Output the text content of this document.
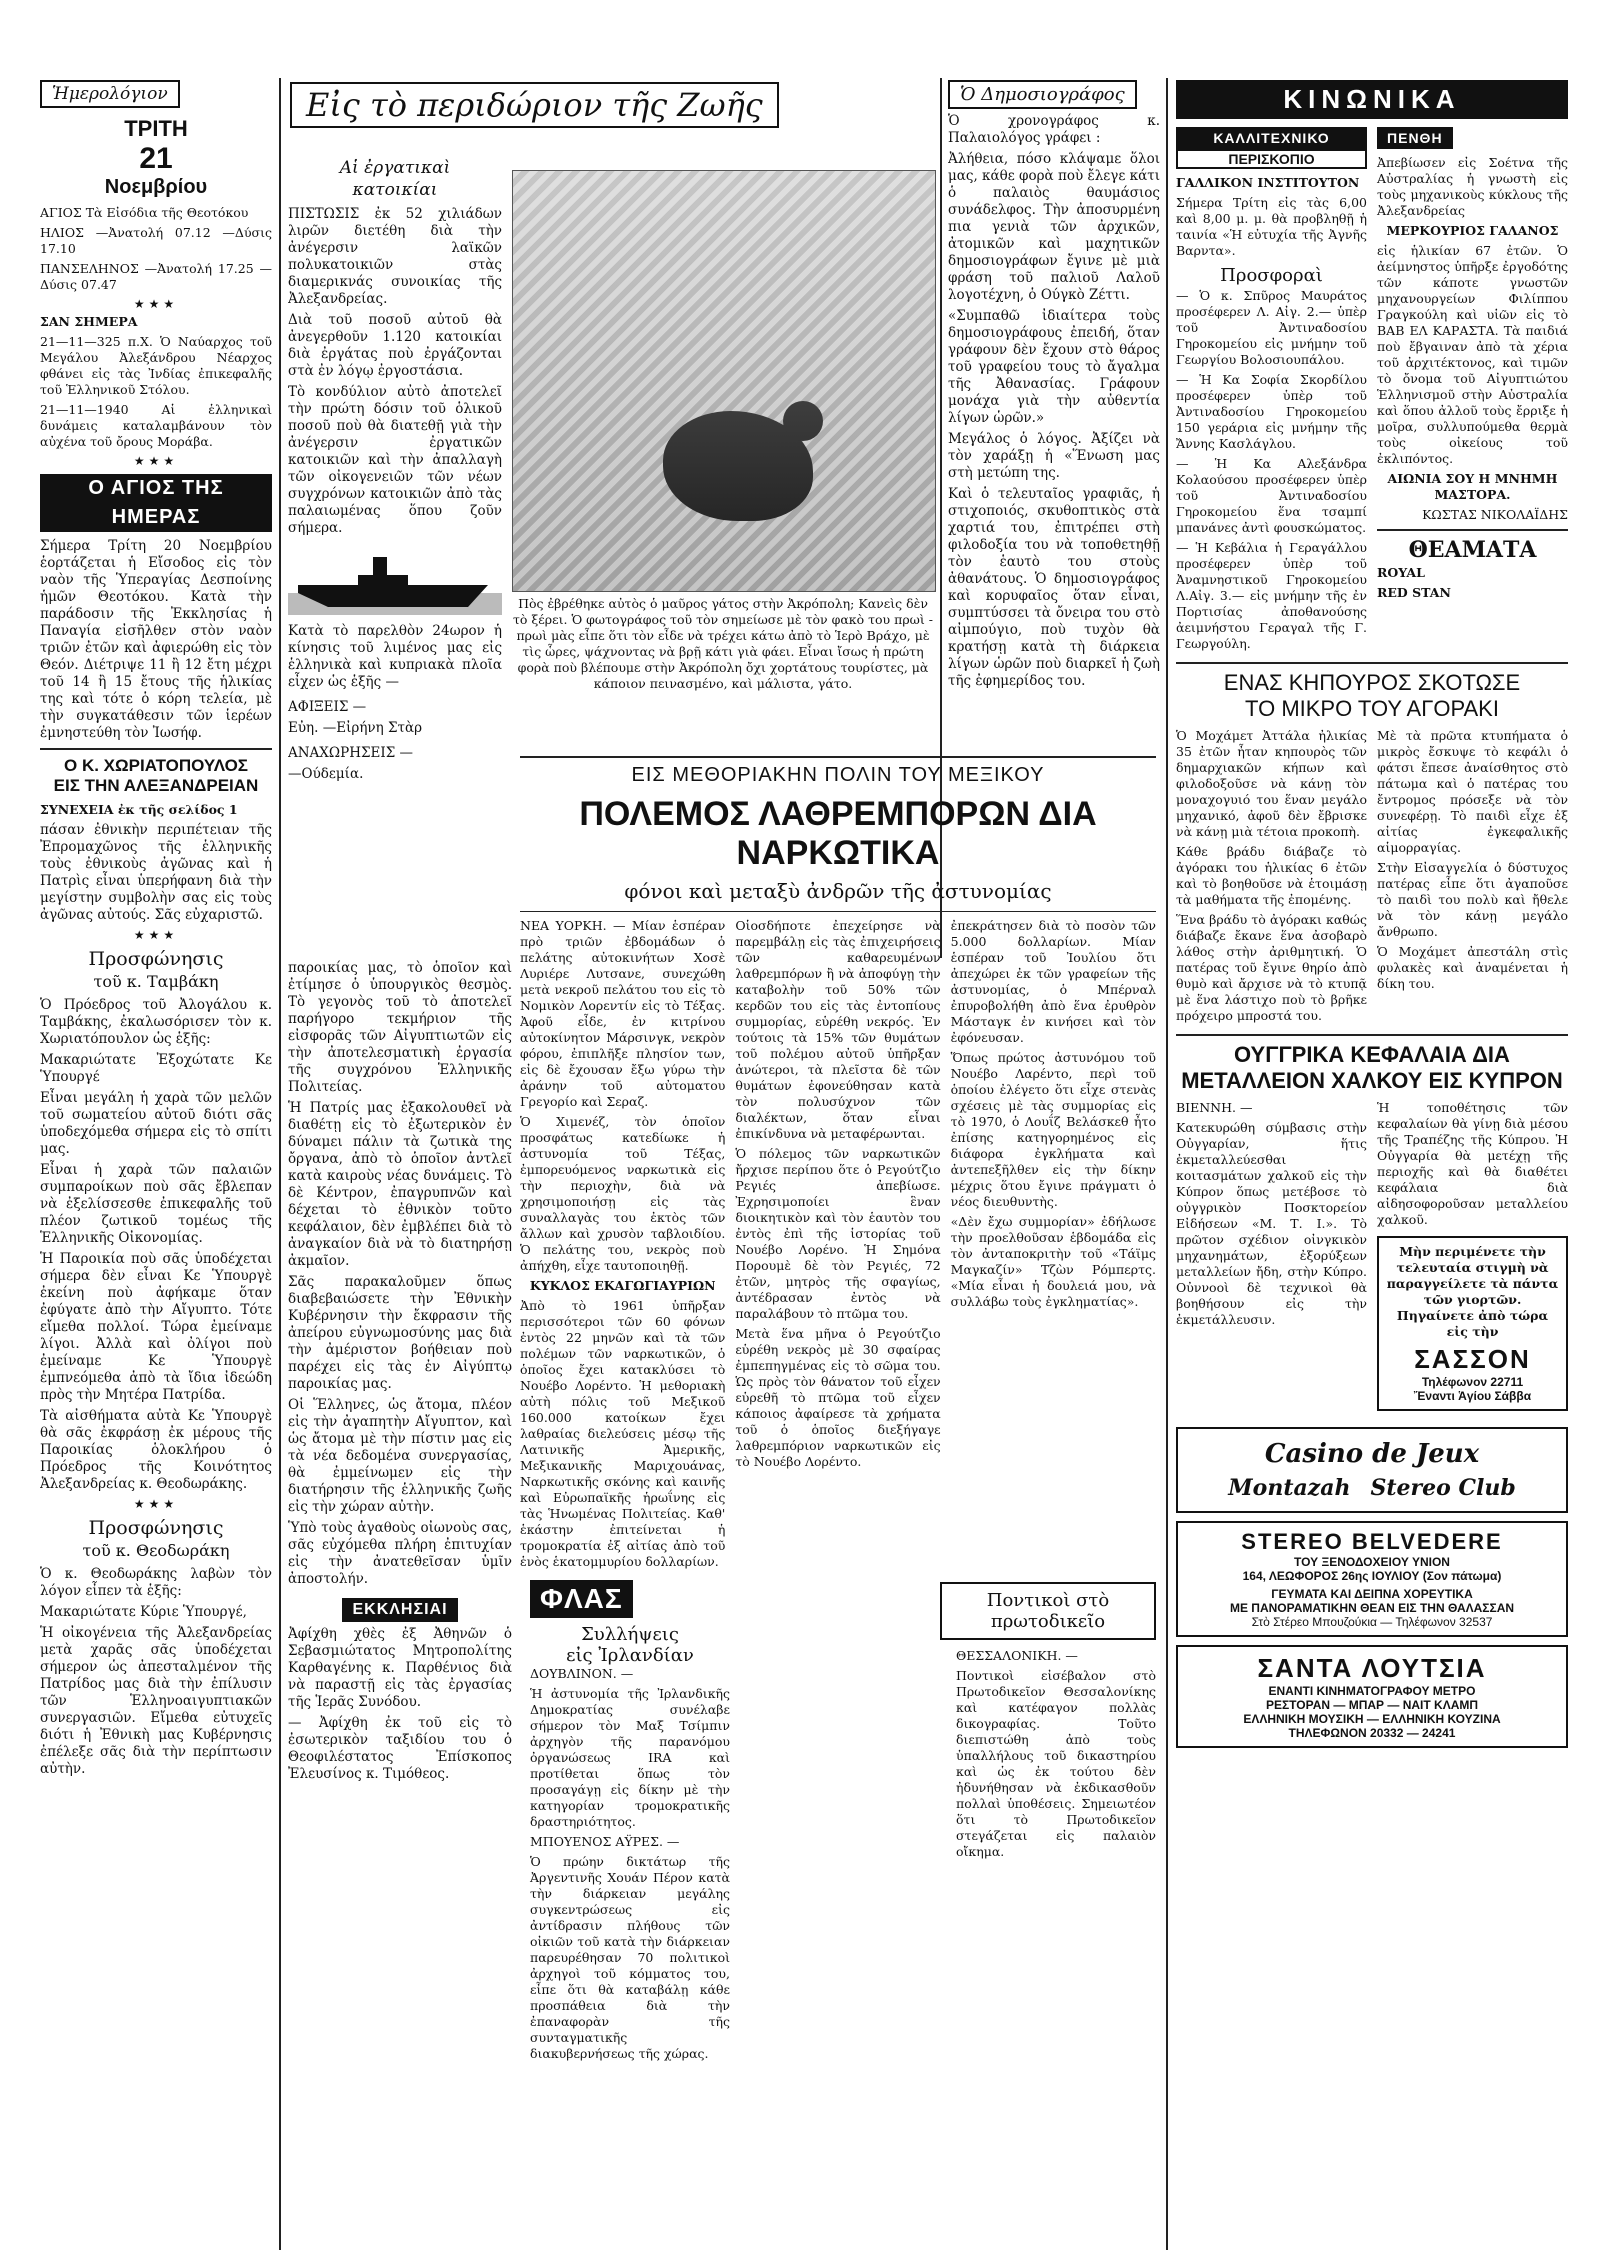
Ἡμερολόγιον
ΤΡΙΤΗ
21
Νοεμβρίου

ΑΓΙΟΣ Τὰ Εἰσόδια τῆς Θεοτόκου

ΗΛΙΟΣ —Ἀνατολή 07.12 —Δύσις 17.10

ΠΑΝΣΕΛΗΝΟΣ —Ἀνατολή 17.25 —Δύσις 07.47

★★★

ΣΑΝ ΣΗΜΕΡΑ

21—11—325 π.Χ. Ὁ Ναύαρχος τοῦ Μεγάλου Ἀλεξάνδρου Νέαρχος φθάνει εἰς τὰς Ἰνδίας ἐπικεφαλῆς τοῦ Ἑλληνικοῦ Στόλου.

21—11—1940 Αἱ ἑλληνικαὶ δυνάμεις καταλαμβάνουν τὸν αὐχένα τοῦ ὄρους Μοράβα.

★★★
Ο ΑΓΙΟΣ ΤΗΣ
ΗΜΕΡΑΣ

Σήμερα Τρίτη 20 Νοεμβρίου ἑορτάζεται ἡ Εἴσοδος εἰς τὸν ναὸν τῆς Ὑπεραγίας Δεσποίνης ἡμῶν Θεοτόκου. Κατὰ τὴν παράδοσιν τῆς Ἐκκλησίας ἡ Παναγία εἰσῆλθεν στὸν ναὸν τριῶν ἐτῶν καὶ ἀφιερώθη εἰς τὸν Θεόν. Διέτριψε 11 ἢ 12 ἔτη μέχρι τοῦ 14 ἢ 15 ἔτους τῆς ἡλικίας της καὶ τότε ὁ κόρη τελεία, μὲ τὴν συγκατάθεσιν τῶν ἱερέων ἐμνηστεύθη τὸν Ἰωσήφ.

Ο Κ. ΧΩΡΙΑΤΟΠΟΥΛΟΣ
ΕΙΣ ΤΗΝ ΑΛΕΞΑΝΔΡΕΙΑΝ

ΣΥΝΕΧΕΙΑ ἐκ τῆς σελίδος 1

πάσαν ἐθνικὴν περιπέτειαν τῆς Ἐπρομαχῶνος τῆς ἑλληνικῆς τοὺς ἐθνικοὺς ἀγῶνας καὶ ἡ Πατρὶς εἶναι ὑπερήφανη διὰ τὴν μεγίστην συμβολὴν σας εἰς τοὺς ἀγῶνας αὐτούς. Σᾶς εὐχαριστῶ.

★★★
Προσφώνησις
τοῦ κ. Ταμβάκη

Ὁ Πρόεδρος τοῦ Ἀλογάλου κ. Ταμβάκης, ἐκαλωσόρισεν τὸν κ. Χωριατόπουλον ὡς ἑξῆς:

Μακαριώτατε Ἐξοχώτατε Κε Ὑπουργέ

Εἶναι μεγάλη ἡ χαρὰ τῶν μελῶν τοῦ σωματείου αὐτοῦ διότι σᾶς ὑποδεχόμεθα σήμερα εἰς τὸ σπίτι μας.

Εἶναι ἡ χαρὰ τῶν παλαιῶν συμπαροίκων ποὺ σᾶς ἔβλεπαν νὰ ἐξελίσσεσθε ἐπικεφαλῆς τοῦ πλέον ζωτικοῦ τομέως τῆς Ἑλληνικῆς Οἰκονομίας.

Ἡ Παροικία ποὺ σᾶς ὑποδέχεται σήμερα δὲν εἶναι Κε Ὑπουργὲ ἐκείνη ποὺ ἀφήκαμε ὅταν ἐφύγατε ἀπὸ τὴν Αἴγυπτο. Τότε εἴμεθα πολλοί. Τώρα ἐμείναμε λίγοι. Ἀλλὰ καὶ ὀλίγοι ποὺ ἐμείναμε Κε Ὑπουργὲ ἐμπνεόμεθα ἀπὸ τὰ ἴδια ἰδεώδη πρὸς τὴν Μητέρα Πατρίδα.

Τὰ αἰσθήματα αὐτὰ Κε Ὑπουργὲ θὰ σᾶς ἐκφράσῃ ἐκ μέρους τῆς Παροικίας ὁλοκλήρου ὁ Πρόεδρος τῆς Κοινότητος Ἀλεξανδρείας κ. Θεοδωράκης.

★★★
Προσφώνησις
τοῦ κ. Θεοδωράκη

Ὁ κ. Θεοδωράκης λαβὼν τὸν λόγον εἶπεν τὰ ἑξῆς:

Μακαριώτατε Κύριε Ὑπουργέ,

Ἡ οἰκογένεια τῆς Ἀλεξανδρείας μετὰ χαρᾶς σᾶς ὑποδέχεται σήμερον ὡς ἀπεσταλμένον τῆς Πατρίδος μας διὰ τὴν ἐπίλυσιν τῶν Ἑλληνοαιγυπτιακῶν συνεργασιῶν. Εἴμεθα εὐτυχεῖς διότι ἡ Ἐθνικὴ μας Κυβέρνησις ἐπέλεξε σᾶς διὰ τὴν περίπτωσιν αὐτὴν.

Αἱ ἐργατικαὶ
κατοικίαι

ΠΙΣΤΩΣΙΣ ἐκ 52 χιλιάδων λιρῶν διετέθη διὰ τὴν ἀνέγερσιν λαϊκῶν πολυκατοικιῶν στὰς διαμερικνάς συνοικίας τῆς Ἀλεξανδρείας.

Διὰ τοῦ ποσοῦ αὐτοῦ θὰ ἀνεγερθοῦν 1.120 κατοικίαι διὰ ἐργάτας ποὺ ἐργάζονται στὰ ἐν λόγῳ ἐργοστάσια.

Τὸ κονδύλιον αὐτὸ ἀποτελεῖ τὴν πρώτη δόσιν τοῦ ὁλικοῦ ποσοῦ ποὺ θὰ διατεθῇ γιὰ τὴν ἀνέγερσιν ἐργατικῶν κατοικιῶν καὶ τὴν ἀπαλλαγὴ τῶν οἰκογενειῶν τῶν νέων συγχρόνων κατοικιῶν ἀπὸ τὰς παλαιωμένας ὅπου ζοῦν σήμερα.

Κατὰ τὸ παρελθὸν 24ωρον ἡ κίνησις τοῦ λιμένος μας εἰς ἑλληνικὰ καὶ κυπριακὰ πλοῖα εἶχεν ὡς ἑξῆς —

ΑΦΙΞΕΙΣ —

Εὐη. —Εἰρήνη Στὰρ

ΑΝΑΧΩΡΗΣΕΙΣ —

—Ούδεμία.

Εἰς τὸ περιδώριον τῆς Ζωῆς
Πὸς ἐβρέθηκε αὐτὸς ὁ μαῦρος γάτος στὴν Ἀκρόπολη; Κανεὶς δὲν τὸ ξέρει. Ὁ φωτογράφος τοῦ τὸν σημείωσε μὲ τὸν φακὸ του πρωὶ - πρωὶ μὰς εἶπε ὅτι τὸν εἶδε νὰ τρέχει κάτω ἀπὸ τὸ Ἱερὸ Βράχο, μὲ τὶς ὧρες, ψάχνοντας νὰ βρῇ κάτι γιὰ φάει. Εἶναι ἴσως ἡ πρώτη φορὰ ποὺ βλέπουμε στὴν Ἀκρόπολη ὄχι χορτάτους τουρίστες, μὰ κάποιον πεινασμένο, καὶ μάλιστα, γάτο.
Ὁ Δημοσιογράφος

Ὁ χρονογράφος κ. Παλαιολόγος γράφει :

Ἀλήθεια, πόσο κλάψαμε ὅλοι μας, κάθε φορὰ ποὺ ἔλεγε κάτι ὁ παλαιὸς θαυμάσιος συνάδελφος. Τὴν ἀποσυρμένη πια γενιὰ τῶν ἀρχικῶν, ἀτομικῶν καὶ μαχητικῶν δημοσιογράφων ἔγινε μὲ μιὰ φράση τοῦ παλιοῦ Λαλοῦ λογοτέχνη, ὁ Ούγκὸ Ζέττι.

«Συμπαθῶ ἰδιαίτερα τοὺς δημοσιογράφους ἐπειδή, ὅταν γράφουν δὲν ἔχουν στὸ θάρος τοῦ γραφείου τους τὸ ἄγαλμα τῆς Ἀθανασίας. Γράφουν μονάχα γιὰ τὴν αὐθεντία λίγων ὡρῶν.»

Μεγάλος ὁ λόγος. Ἀξίζει νὰ τὸν χαράξῃ ἡ «Ἕνωση μας στὴ μετώπη της.

Καὶ ὁ τελευταῖος γραφιᾶς, ἡ στιχοποιός, σκυθοπτικὸς στὰ χαρτιά του, ἐπιτρέπει στὴ φιλοδοξία του νὰ τοποθετηθῇ τὸν ἑαυτὸ του στοὺς ἀθανάτους. Ὁ δημοσιογράφος καὶ κορυφαῖος ὅταν εἶναι, συμπτύσσει τὰ ὄνειρα του στὸ αἰμπούγιο, ποὺ τυχὸν θὰ κρατήσῃ κατὰ τὴ διάρκεια λίγων ὡρῶν ποὺ διαρκεῖ ἡ ζωὴ τῆς ἐφημερίδος του.

ΕΙΣ ΜΕΘΟΡΙΑΚΗΝ ΠΟΛΙΝ ΤΟΥ ΜΕΞΙΚΟΥ
ΠΟΛΕΜΟΣ ΛΑΘΡΕΜΠΟΡΩΝ ΔΙΑ ΝΑΡΚΩΤΙΚΑ
φόνοι καὶ μεταξὺ ἀνδρῶν τῆς ἀστυνομίας

ΝΕΑ ΥΟΡΚΗ. — Μίαν ἑσπέραν πρὸ τριῶν ἐβδομάδων ὁ πελάτης αὐτοκινήτων Χοσὲ Λυριέρε Λυτσανε, συνεχώθη μετὰ νεκροῦ πελάτου του εἰς τὸ Νομικὸν Λορεντίν εἰς τὸ Τέξας. Ἀφοῦ εἶδε, ἐν κιτρίνου αὐτοκίνητον Μάρσινγκ, νεκρὸν φόρου, ἐπιπλῆξε πλησίον των, εἰς δὲ ἔχουσαν ἔξω γύρω τὴν ἀράνην τοῦ αὐτοματου Γρεγορίο καὶ Σεραζ.

Ὁ Χιμενέζ, τὸν ὁποῖον προσφάτως κατεδίωκε ἡ ἀστυνομία τοῦ Τέξας, ἐμπορευόμενος ναρκωτικὰ εἰς τὴν περιοχὴν, διὰ νὰ χρησιμοποιήσῃ εἰς τὰς συναλλαγὰς του ἐκτὸς τῶν ἄλλων καὶ χρυσὸν ταβλοιδίου. Ὁ πελάτης του, νεκρὸς ποὺ ἀπήχθη, εἶχε ταυτοποιηθῇ.

ΚΥΚΛΟΣ ΕΚΑΓΩΓΙΑΥΡΙΩΝ

Ἀπὸ τὸ 1961 ὑπῆρξαν περισσότεροι τῶν 60 φόνων ἐντὸς 22 μηνῶν καὶ τὰ τῶν πολέμων τῶν ναρκωτικῶν, ὁ ὁποῖος ἔχει κατακλύσει τὸ Νουέβο Λορέντο. Ἡ μεθοριακὴ αὐτὴ πόλις τοῦ Μεξικοῦ 160.000 κατοίκων ἔχει λαθραίας διελεύσεις μέσῳ τῆς Λατινικῆς Ἀμερικῆς, Μεξικανικῆς Μαριχουάνας, Ναρκωτικῆς σκόνης καὶ καινῆς καὶ Εὐρωπαϊκῆς ἡρωΐνης εἰς τὰς Ἡνωμένας Πολιτείας. Καθ' ἑκάστην ἐπιτείνεται ἡ τρομοκρατία ἐξ αἰτίας ἀπὸ τοῦ ἑνὸς ἑκατομμυρίου δολλαρίων.

Οἱοσδήποτε ἐπεχείρησε νὰ παρεμβάλῃ εἰς τὰς ἐπιχειρήσεις τῶν καθαρευμένων λαθρεμπόρων ἢ νὰ ἀποφύγῃ τὴν καταβολὴν τοῦ 50% τῶν κερδῶν του εἰς τὰς ἐντοπίους συμμορίας, εὑρέθη νεκρός. Ἐν τούτοις τὰ 15% τῶν θυμάτων τοῦ πολέμου αὐτοῦ ὑπῆρξαν ἀνώτεροι, τὰ πλεῖστα δὲ τῶν θυμάτων ἐφονεύθησαν κατὰ τὸν πολυσύχνον τῶν διαλέκτων, ὅταν εἶναι ἐπικίνδυνα νὰ μεταφέρωνται.

Ὁ πόλεμος τῶν ναρκωτικῶν ἤρχισε περίπου ὅτε ὁ Ρεγούτζιο Ρεγιές ἀπεβίωσε. Ἐχρησιμοποίει ἓναν διοικητικὸν καὶ τὸν ἑαυτὸν του ἐντὸς ἐπὶ τῆς ἱστορίας τοῦ Νουέβο Λορένο. Ἡ Σημόνα Πορουμὲ δὲ τὸν Ρεγιές, 72 ἐτῶν, μητρὸς τῆς σφαγίως, ἀντέδρασαν ἐντὸς νὰ παραλάβουν τὸ πτῶμα του.

Μετὰ ἕνα μῆνα ὁ Ρεγούτζιο εὑρέθη νεκρὸς μὲ 30 σφαίρας ἐμπεπηγμένας εἰς τὸ σῶμα του. Ὡς πρὸς τὸν θάνατον τοῦ εἶχεν εὑρεθῆ τὸ πτῶμα τοῦ εἶχεν κάποιος ἀφαίρεσε τὰ χρήματα τοῦ ὁ ὁποῖος διεξήγαγε λαθρεμπόριον ναρκωτικῶν εἰς τὸ Νουέβο Λορέντο.

ἐπεκράτησεν διὰ τὸ ποσὸν τῶν 5.000 δολλαρίων. Μίαν ἑσπέραν τοῦ Ἰουλίου ὅτι ἀπεχώρει ἐκ τῶν γραφείων τῆς ἀστυνομίας, ὁ Μπέρναλ ἐπυροβολήθη ἀπὸ ἕνα ἐρυθρὸν Μάσταγκ ἐν κινήσει καὶ τὸν ἐφόνευσαν.

Ὅπως πρώτος ἀστυνόμου τοῦ Νουέβο Λαρέντο, περὶ τοῦ ὁποίου ἐλέγετο ὅτι εἶχε στενὰς σχέσεις μὲ τὰς συμμορίας εἰς τὸ 1970, ὁ Λουΐζ Βελάσκεθ ἦτο ἐπίσης κατηγορημένος εἰς διάφορα ἐγκλήματα καὶ ἀντεπεξῆλθεν εἰς τὴν δίκην μέχρις ὅτου ἔγινε πράγματι ὁ νέος διευθυντὴς.

«Δὲν ἔχω συμμορίαν» ἐδήλωσε τὴν προελθοῦσαν ἑβδομάδα εἰς τὸν ἀνταποκριτὴν τοῦ «Τάϊμς Μαγκαζίν» Τζὼν Ρόμπερτς. «Μία εἶναι ἡ δουλειά μου, νὰ συλλάβω τοὺς ἐγκληματίας».

Ποντικοὶ στὸ
πρωτοδικεῖο

ΘΕΣΣΑΛΟΝΙΚΗ. —

Ποντικοὶ εἰσέβαλον στὸ Πρωτοδικεῖον Θεσσαλονίκης καὶ κατέφαγον πολλὰς δικογραφίας. Τοῦτο διεπιστώθη ἀπὸ τοὺς ὑπαλλήλους τοῦ δικαστηρίου καὶ ὡς ἐκ τούτου δὲν ἠδυνήθησαν νὰ ἐκδικασθοῦν πολλαὶ ὑποθέσεις. Σημειωτέον ὅτι τὸ Πρωτοδικεῖον στεγάζεται εἰς παλαιὸν οἴκημα.

παροικίας μας, τὸ ὁποῖον καὶ ἐτίμησε ὁ ὑπουργικὸς θεσμὸς. Τὸ γεγονὸς τοῦ τὸ ἀποτελεῖ παρήγορο τεκμήριον τῆς εἰσφορᾶς τῶν Αἰγυπτιωτῶν εἰς τὴν ἀποτελεσματικὴ ἐργασία τῆς συγχρόνου Ἑλληνικῆς Πολιτείας.

Ἡ Πατρίς μας ἐξακολουθεῖ νὰ διαθέτῃ εἰς τὸ ἐξωτερικὸν ἐν δύναμει πάλιν τὰ ζωτικὰ της ὄργανα, ἀπὸ τὸ ὁποῖον ἀντλεῖ κατὰ καιροὺς νέας δυνάμεις. Τὸ δὲ Κέντρον, ἐπαγρυπνῶν καὶ δέχεται τὸ ἐθνικὸν τοῦτο κεφάλαιον, δὲν ἐμβλέπει διὰ τὸ ἀναγκαίον διὰ νὰ τὸ διατηρήσῃ ἀκμαῖον.

Σᾶς παρακαλοῦμεν ὅπως διαβεβαιώσετε τὴν Ἐθνικὴν Κυβέρνησιν τὴν ἔκφρασιν τῆς ἀπείρου εὐγνωμοσύνης μας διὰ τὴν ἀμέριστον βοήθειαν ποὺ παρέχει εἰς τὰς ἐν Αἰγύπτῳ παροικίας μας.

Οἱ Ἕλληνες, ὡς ἄτομα, πλέον εἰς τὴν ἀγαπητὴν Αἴγυπτον, καὶ ὡς ἄτομα μὲ τὴν πίστιν μας εἰς τὰ νέα δεδομένα συνεργασίας, θὰ ἐμμείνωμεν εἰς τὴν διατήρησιν τῆς ἑλληνικῆς ζωῆς εἰς τὴν χώραν αὐτὴν.

Ὑπὸ τοὺς ἀγαθοὺς οἰωνοὺς σας, σᾶς εὐχόμεθα πλήρη ἐπιτυχίαν εἰς τὴν ἀνατεθεῖσαν ὑμῖν ἀποστολήν.

ΕΚΚΛΗΣΙΑΙ

Ἀφίχθη χθὲς ἐξ Ἀθηνῶν ὁ Σεβασμιώτατος Μητροπολίτης Καρθαγένης κ. Παρθένιος διὰ νὰ παραστῇ εἰς τὰς ἐργασίας τῆς Ἱερᾶς Συνόδου.

— Ἀφίχθη ἐκ τοῦ εἰς τὸ ἐσωτερικὸν ταξιδίου του ὁ Θεοφιλέστατος Ἐπίσκοπος Ἐλευσίνος κ. Τιμόθεος.

ΦΛΑΣ
Συλλήψεις
εἰς Ἰρλανδίαν

ΔΟΥΒΛΙΝΟΝ. —

Ἡ ἀστυνομία τῆς Ἰρλανδικῆς Δημοκρατίας συνέλαβε σήμερον τὸν Μαξ Τσίμπιν ἀρχηγὸν τῆς παρανόμου ὀργανώσεως IRA καὶ προτίθεται ὅπως τὸν προσαγάγῃ εἰς δίκην μὲ τὴν κατηγορίαν τρομοκρατικῆς δραστηριότητος.

ΜΠΟΥΕΝΟΣ ΑΫΡΕΣ. —

Ὁ πρώην δικτάτωρ τῆς Ἀργεντινῆς Χουάν Πέρον κατὰ τὴν διάρκειαν μεγάλης συγκεντρώσεως εἰς ἀντίδρασιν πλήθους τῶν οἰκιῶν τοῦ κατὰ τὴν διάρκειαν παρευρέθησαν 70 πολιτικοὶ ἀρχηγοὶ τοῦ κόμματος του, εἶπε ὅτι θὰ καταβάλῃ κάθε προσπάθεια διὰ τὴν ἐπαναφορὰν τῆς συνταγματικῆς διακυβερνήσεως τῆς χώρας.

ΚΙΝΩΝΙΚΑ
ΚΑΛΛΙΤΕΧΝΙΚΟ
ΠΕΡΙΣΚΟΠΙΟ

ΓΑΛΛΙΚΟΝ ΙΝΣΤΙΤΟΥΤΟΝ

Σήμερα Τρίτη εἰς τὰς 6,00 καὶ 8,00 μ. μ. θὰ προβληθῇ ἡ ταινία «Ἡ εὐτυχία τῆς Ἀγνῆς Βαρντα».

Προσφοραὶ

— Ὁ κ. Σπῦρος Μαυράτος προσέφερεν Λ. Αἰγ. 2.— ὑπὲρ τοῦ Ἀντιναδοσίου Γηροκομείου εἰς μνήμην τοῦ Γεωργίου Βολοσιουπάλου.

— Ἡ Κα Σοφία Σκορδίλου προσέφερεν ὑπὲρ τοῦ Ἀντιναδοσίου Γηροκομείου 150 γεράρια εἰς μνήμην τῆς Ἄννης Κασλάγλου.

— Ἡ Κα Αλεξάνδρα Κολαούσου προσέφερεν ὑπὲρ τοῦ Ἀντιναδοσίου Γηροκομείου ἕνα τσαμπί μπανάνες ἀντὶ φουσκώματος.

— Ἡ Κεβάλια ἡ Γεραγάλλου προσέφερεν ὑπὲρ τοῦ Ἀναμνηστικοῦ Γηροκομείου Λ.Αἰγ. 3.— εἰς μνήμην τῆς ἐν Πορτισίας ἀποθανούσης ἀειμνήστου Γεραγαλ τῆς Γ. Γεωργούλη.

ΠΕΝΘΗ

Ἀπεβίωσεν εἰς Σοέτνα τῆς Αὐστραλίας ἡ γνωστὴ εἰς τοὺς μηχανικοὺς κύκλους τῆς Ἀλεξανδρείας

ΜΕΡΚΟΥΡΙΟΣ ΓΑΛΑΝΟΣ

εἰς ἡλικίαν 67 ἐτῶν. Ὁ ἀείμνηστος ὑπῆρξε ἐργοδότης τῶν κάποτε γνωστῶν μηχανουργείων Φιλίππου Γραγκούλη καὶ υἱῶν εἰς τὸ ΒΑΒ ΕΛ ΚΑΡΑΣΤΑ. Τὰ παιδιά ποὺ ἔβγαιναν ἀπὸ τὰ χέρια τοῦ ἀρχιτέκτονος, καὶ τιμῶν τὸ ὄνομα τοῦ Αἰγυπτιώτου Ἑλληνισμοῦ στὴν Αὐστραλία καὶ ὅπου ἀλλοῦ τοὺς ἔρριξε ἡ μοῖρα, συλλυπούμεθα θερμὰ τοὺς οἰκείους τοῦ ἐκλιπόντος.

ΑΙΩΝΙΑ ΣΟΥ Η ΜΝΗΜΗ ΜΑΣΤΟΡΑ.

ΚΩΣΤΑΣ ΝΙΚΟΛΑΪΔΗΣ

ΘΕΑΜΑΤΑ

ROYAL

RED STAN

ΕΝΑΣ ΚΗΠΟΥΡΟΣ ΣΚΟΤΩΣΕ
ΤΟ ΜΙΚΡΟ ΤΟΥ ΑΓΟΡΑΚΙ

Ὁ Μοχάμετ Ἀττάλα ἠλικίας 35 ἐτῶν ἦταν κηπουρὸς τῶν δημαρχιακῶν κήπων καὶ φιλοδοξοῦσε νὰ κάνῃ τὸν μοναχογυιό του ἕναν μεγάλο μηχανικό, ἀφοῦ δὲν ἔβρισκε νὰ κάνῃ μιὰ τέτοια προκοπὴ.

Κάθε βράδυ διάβαζε τὸ ἀγόρακι του ἡλικίας 6 ἐτῶν καὶ τὸ βοηθοῦσε νὰ ἑτοιμάσῃ τὰ μαθήματα τῆς ἐπομένης.

Ἕνα βράδυ τὸ ἀγόρακι καθώς διάβαζε ἔκανε ἕνα ἀσοβαρὸ λάθος στὴν ἀριθμητική. Ὁ πατέρας τοῦ ἔγινε θηρίο ἀπὸ θυμὸ καὶ ἄρχισε νὰ τὸ κτυπᾷ μὲ ἕνα λάστιχο ποὺ τὸ βρῆκε πρόχειρο μπροστά του.

Μὲ τὰ πρῶτα κτυπήματα ὁ μικρὸς ἔσκυψε τὸ κεφάλι ὁ φάτσι ἔπεσε ἀναίσθητος στὸ πάτωμα καὶ ὁ πατέρας του ἔντρομος πρόσεξε νὰ τὸν συνεφέρῃ. Τὸ παιδὶ εἶχε ἐξ αἰτίας ἐγκεφαλικῆς αἱμορραγίας.

Στὴν Εἰσαγγελία ὁ δύστυχος πατέρας εἶπε ὅτι ἀγαποῦσε τὸ παιδὶ του πολὺ καὶ ἤθελε νὰ τὸν κάνῃ μεγάλο ἄνθρωπο.

Ὁ Μοχάμετ ἀπεστάλη στὶς φυλακὲς καὶ ἀναμένεται ἡ δίκη του.

ΟΥΓΓΡΙΚΑ ΚΕΦΑΛΑΙΑ ΔΙΑ
ΜΕΤΑΛΛΕΙΟΝ ΧΑΛΚΟΥ ΕΙΣ ΚΥΠΡΟΝ

ΒΙΕΝΝΗ. —

Κατεκυρώθη σύμβασις στὴν Οὐγγαρίαν, ἥτις ἐκμεταλλεύεσθαι κοιτασμάτων χαλκοῦ εἰς τὴν Κύπρον ὅπως μετέβοσε τὸ οὐγγρικὸν Ποσκτορείον Εἰδήσεων «Μ. Τ. Ι.». Τὸ πρῶτον σχέδιον οἰνγκικὸν μηχανημάτων, ἐξορύξεων μεταλλείων ἤδη, στὴν Κύπρο. Οὐννοοὶ δὲ τεχνικοὶ θὰ βοηθήσουν εἰς τὴν ἐκμετάλλευσιν.

Ἡ τοποθέτησις τῶν κεφαλαίων θὰ γίνῃ διὰ μέσου τῆς Τραπέζης τῆς Κύπρου. Ἡ Οὐγγαρία θὰ μετέχῃ τῆς περιοχῆς καὶ θὰ διαθέτει κεφάλαια διὰ αἰδησοφοροῦσαν μεταλλείου χαλκοῦ.

Μὴν περιμένετε τὴν τελευταία στιγμὴ νὰ παραγγείλετε τὰ πάντα τῶν γιορτῶν. Πηγαίνετε ἀπὸ τώρα εἰς τὴν

ΣΑΣΣΟΝ
Τηλέφωνον 22711
Ἔναντι Ἁγίου Σάββα
Casino de Jeux
Montazah Stereo Club
STEREO BELVEDERE
ΤΟΥ ΞΕΝΟΔΟΧΕΙΟΥ ΥΝΙΟΝ
164, ΛΕΩΦΟΡΟΣ 26ης ΙΟΥΛΙΟΥ (Σον πάτωμα)
ΓΕΥΜΑΤΑ ΚΑΙ ΔΕΙΠΝΑ ΧΟΡΕΥΤΙΚΑ
ΜΕ ΠΑΝΟΡΑΜΑΤΙΚΗΝ ΘΕΑΝ ΕΙΣ ΤΗΝ ΘΑΛΑΣΣΑΝ
Στὸ Στέρεο Μπουζούκια — Τηλέφωνον 32537
ΣΑΝΤΑ ΛΟΥΤΣΙΑ
ΕΝΑΝΤΙ ΚΙΝΗΜΑΤΟΓΡΑΦΟΥ ΜΕΤΡΟ
ΡΕΣΤΟΡΑΝ — ΜΠΑΡ — ΝΑΙΤ ΚΛΑΜΠ
ΕΛΛΗΝΙΚΗ ΜΟΥΣΙΚΗ — ΕΛΛΗΝΙΚΗ ΚΟΥΖΙΝΑ
ΤΗΛΕΦΩΝΟΝ 20332 — 24241
